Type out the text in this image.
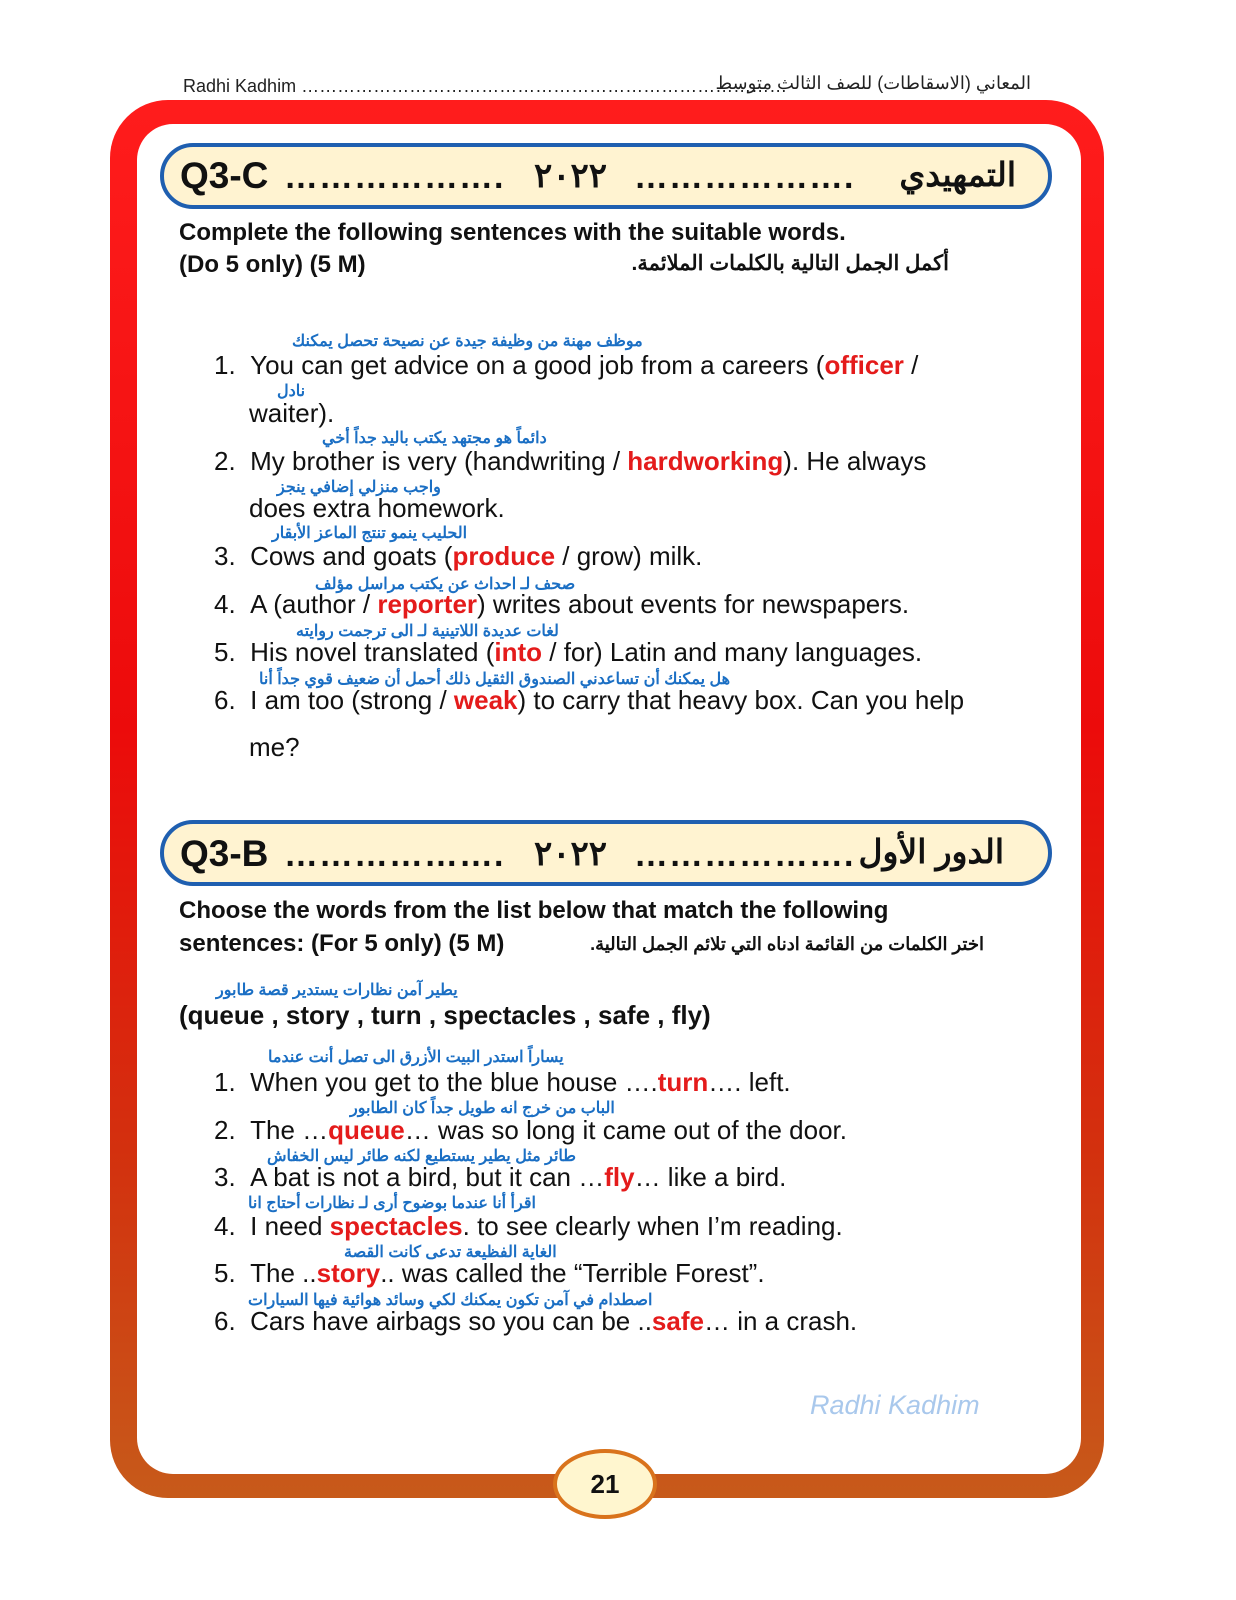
Radhi Kadhim ………………………………………………………………………
المعاني (الاسقاطات) للصف الثالث متوسط
Q3-C ………………. ٢٠٢٢ ………………. التمهيدي
Complete the following sentences with the suitable words.
(Do 5 only) (5 M)	أكمل الجمل التالية بالكلمات الملائمة.
موظف مهنة من وظيفة جيدة عن نصيحة تحصل يمكنك
1. You can get advice on a good job from a careers (officer /
نادل
waiter).
دائماً هو مجتهد يكتب باليد جداً أخي
2. My brother is very (handwriting / hardworking). He always
واجب منزلي إضافي ينجز
does extra homework.
الحليب ينمو تنتج الماعز الأبقار
3. Cows and goats (produce / grow) milk.
صحف لـ احداث عن يكتب مراسل مؤلف
4. A (author / reporter) writes about events for newspapers.
لغات عديدة اللاتينية لـ الى ترجمت روايته
5. His novel translated (into / for) Latin and many languages.
هل يمكنك أن تساعدني الصندوق الثقيل ذلك أحمل أن ضعيف قوي جداً أنا
6. I am too (strong / weak) to carry that heavy box. Can you help
me?
Q3-B ………………. ٢٠٢٢ ………………. الدور الأول
Choose the words from the list below that match the following
sentences: (For 5 only) (5 M)	اختر الكلمات من القائمة ادناه التي تلائم الجمل التالية.
يطير آمن نظارات يستدير قصة طابور
(queue , story , turn , spectacles , safe , fly)
يساراً استدر البيت الأزرق الى تصل أنت عندما
1. When you get to the blue house ….turn…. left.
الباب من خرج انه طويل جداً كان الطابور
2. The …queue… was so long it came out of the door.
طائر مثل يطير يستطيع لكنه طائر ليس الخفاش
3. A bat is not a bird, but it can …fly… like a bird.
اقرأ أنا عندما بوضوح أرى لـ نظارات أحتاج انا
4. I need spectacles. to see clearly when I’m reading.
الغاية الفظيعة تدعى كانت القصة
5. The ..story.. was called the “Terrible Forest”.
اصطدام في آمن تكون يمكنك لكي وسائد هوائية فيها السيارات
6. Cars have airbags so you can be ..safe… in a crash.
Radhi Kadhim
21
